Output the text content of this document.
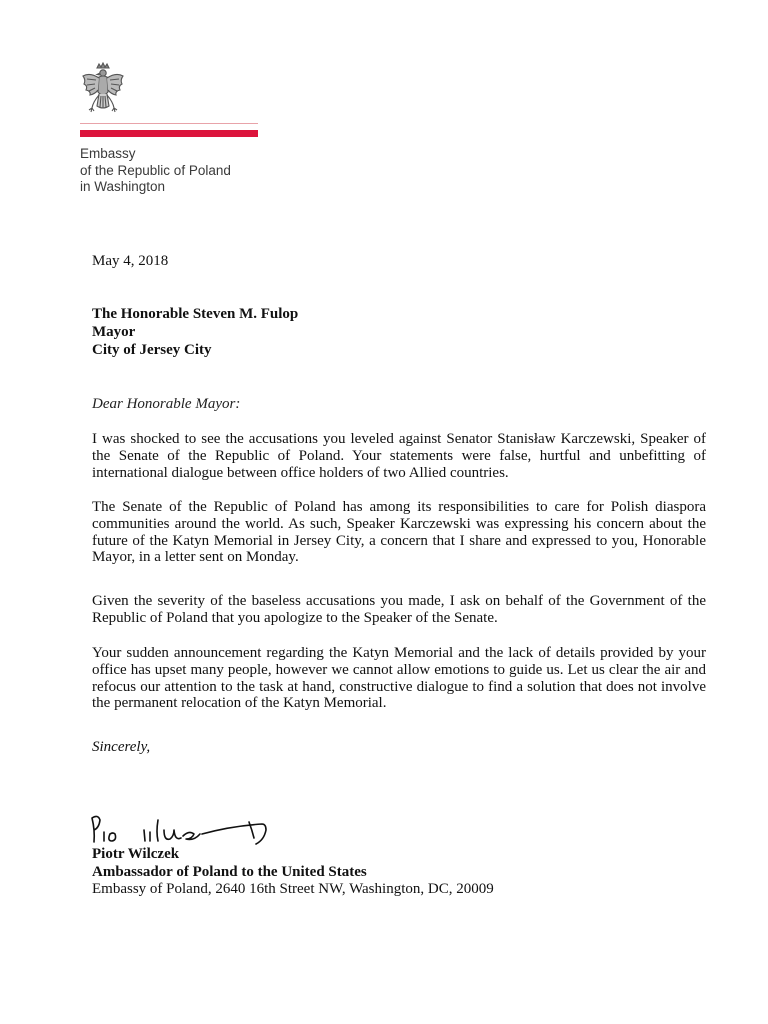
Embassy
of the Republic of Poland
in Washington
May 4, 2018
The Honorable Steven M. Fulop
Mayor
City of Jersey City
Dear Honorable Mayor:
I was shocked to see the accusations you leveled against Senator Stanisław Karczewski, Speaker of the Senate of the Republic of Poland. Your statements were false, hurtful and unbefitting of international dialogue between office holders of two Allied countries.
The Senate of the Republic of Poland has among its responsibilities to care for Polish diaspora communities around the world. As such, Speaker Karczewski was expressing his concern about the future of the Katyn Memorial in Jersey City, a concern that I share and expressed to you, Honorable Mayor, in a letter sent on Monday.
Given the severity of the baseless accusations you made, I ask on behalf of the Government of the Republic of Poland that you apologize to the Speaker of the Senate.
Your sudden announcement regarding the Katyn Memorial and the lack of details provided by your office has upset many people, however we cannot allow emotions to guide us. Let us clear the air and refocus our attention to the task at hand, constructive dialogue to find a solution that does not involve the permanent relocation of the Katyn Memorial.
Sincerely,
Piotr Wilczek
Ambassador of Poland to the United States
Embassy of Poland, 2640 16th Street NW, Washington, DC, 20009
